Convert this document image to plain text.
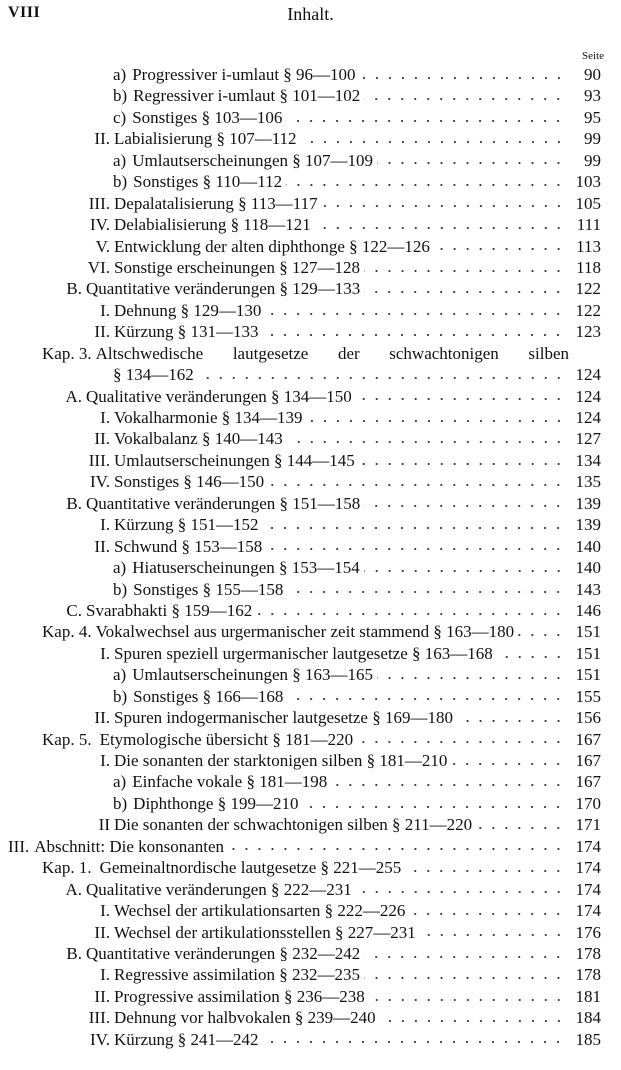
VIII	Inhalt.
Seite
a) Progressiver i-umlaut § 96—100	90
b) Regressiver i-umlaut § 101—102	93
c) Sonstiges § 103—106	95
II. Labialisierung § 107—112	99
a) Umlautserscheinungen § 107—109	99
b) Sonstiges § 110—112	103
III. Depalatalisierung § 113—117	105
IV. Delabialisierung § 118—121	111
V. Entwicklung der alten diphthonge § 122—126	113
VI. Sonstige erscheinungen § 127—128	118
B. Quantitative veränderungen § 129—133	122
I. Dehnung § 129—130	122
II. Kürzung § 131—133	123
Kap. 3. Altschwedische lautgesetze der schwachtonigen silben
§ 134—162	124
A. Qualitative veränderungen § 134—150	124
I. Vokalharmonie § 134—139	124
II. Vokalbalanz § 140—143	127
III. Umlautserscheinungen § 144—145	134
IV. Sonstiges § 146—150	135
B. Quantitative veränderungen § 151—158	139
I. Kürzung § 151—152	139
II. Schwund § 153—158	140
a) Hiatuserscheinungen § 153—154	140
b) Sonstiges § 155—158	143
C. Svarabhakti § 159—162	146
Kap. 4. Vokalwechsel aus urgermanischer zeit stammend § 163—180	151
I. Spuren speziell urgermanischer lautgesetze § 163—168	151
a) Umlautserscheinungen § 163—165	151
b) Sonstiges § 166—168	155
II. Spuren indogermanischer lautgesetze § 169—180	156
Kap. 5. Etymologische übersicht § 181—220	167
I. Die sonanten der starktonigen silben § 181—210	167
a) Einfache vokale § 181—198	167
b) Diphthonge § 199—210	170
II Die sonanten der schwachtonigen silben § 211—220	171
III. Abschnitt: Die konsonanten	174
Kap. 1. Gemeinaltnordische lautgesetze § 221—255	174
A. Qualitative veränderungen § 222—231	174
I. Wechsel der artikulationsarten § 222—226	174
II. Wechsel der artikulationsstellen § 227—231	176
B. Quantitative veränderungen § 232—242	178
I. Regressive assimilation § 232—235	178
II. Progressive assimilation § 236—238	181
III. Dehnung vor halbvokalen § 239—240	184
IV. Kürzung § 241—242	185
